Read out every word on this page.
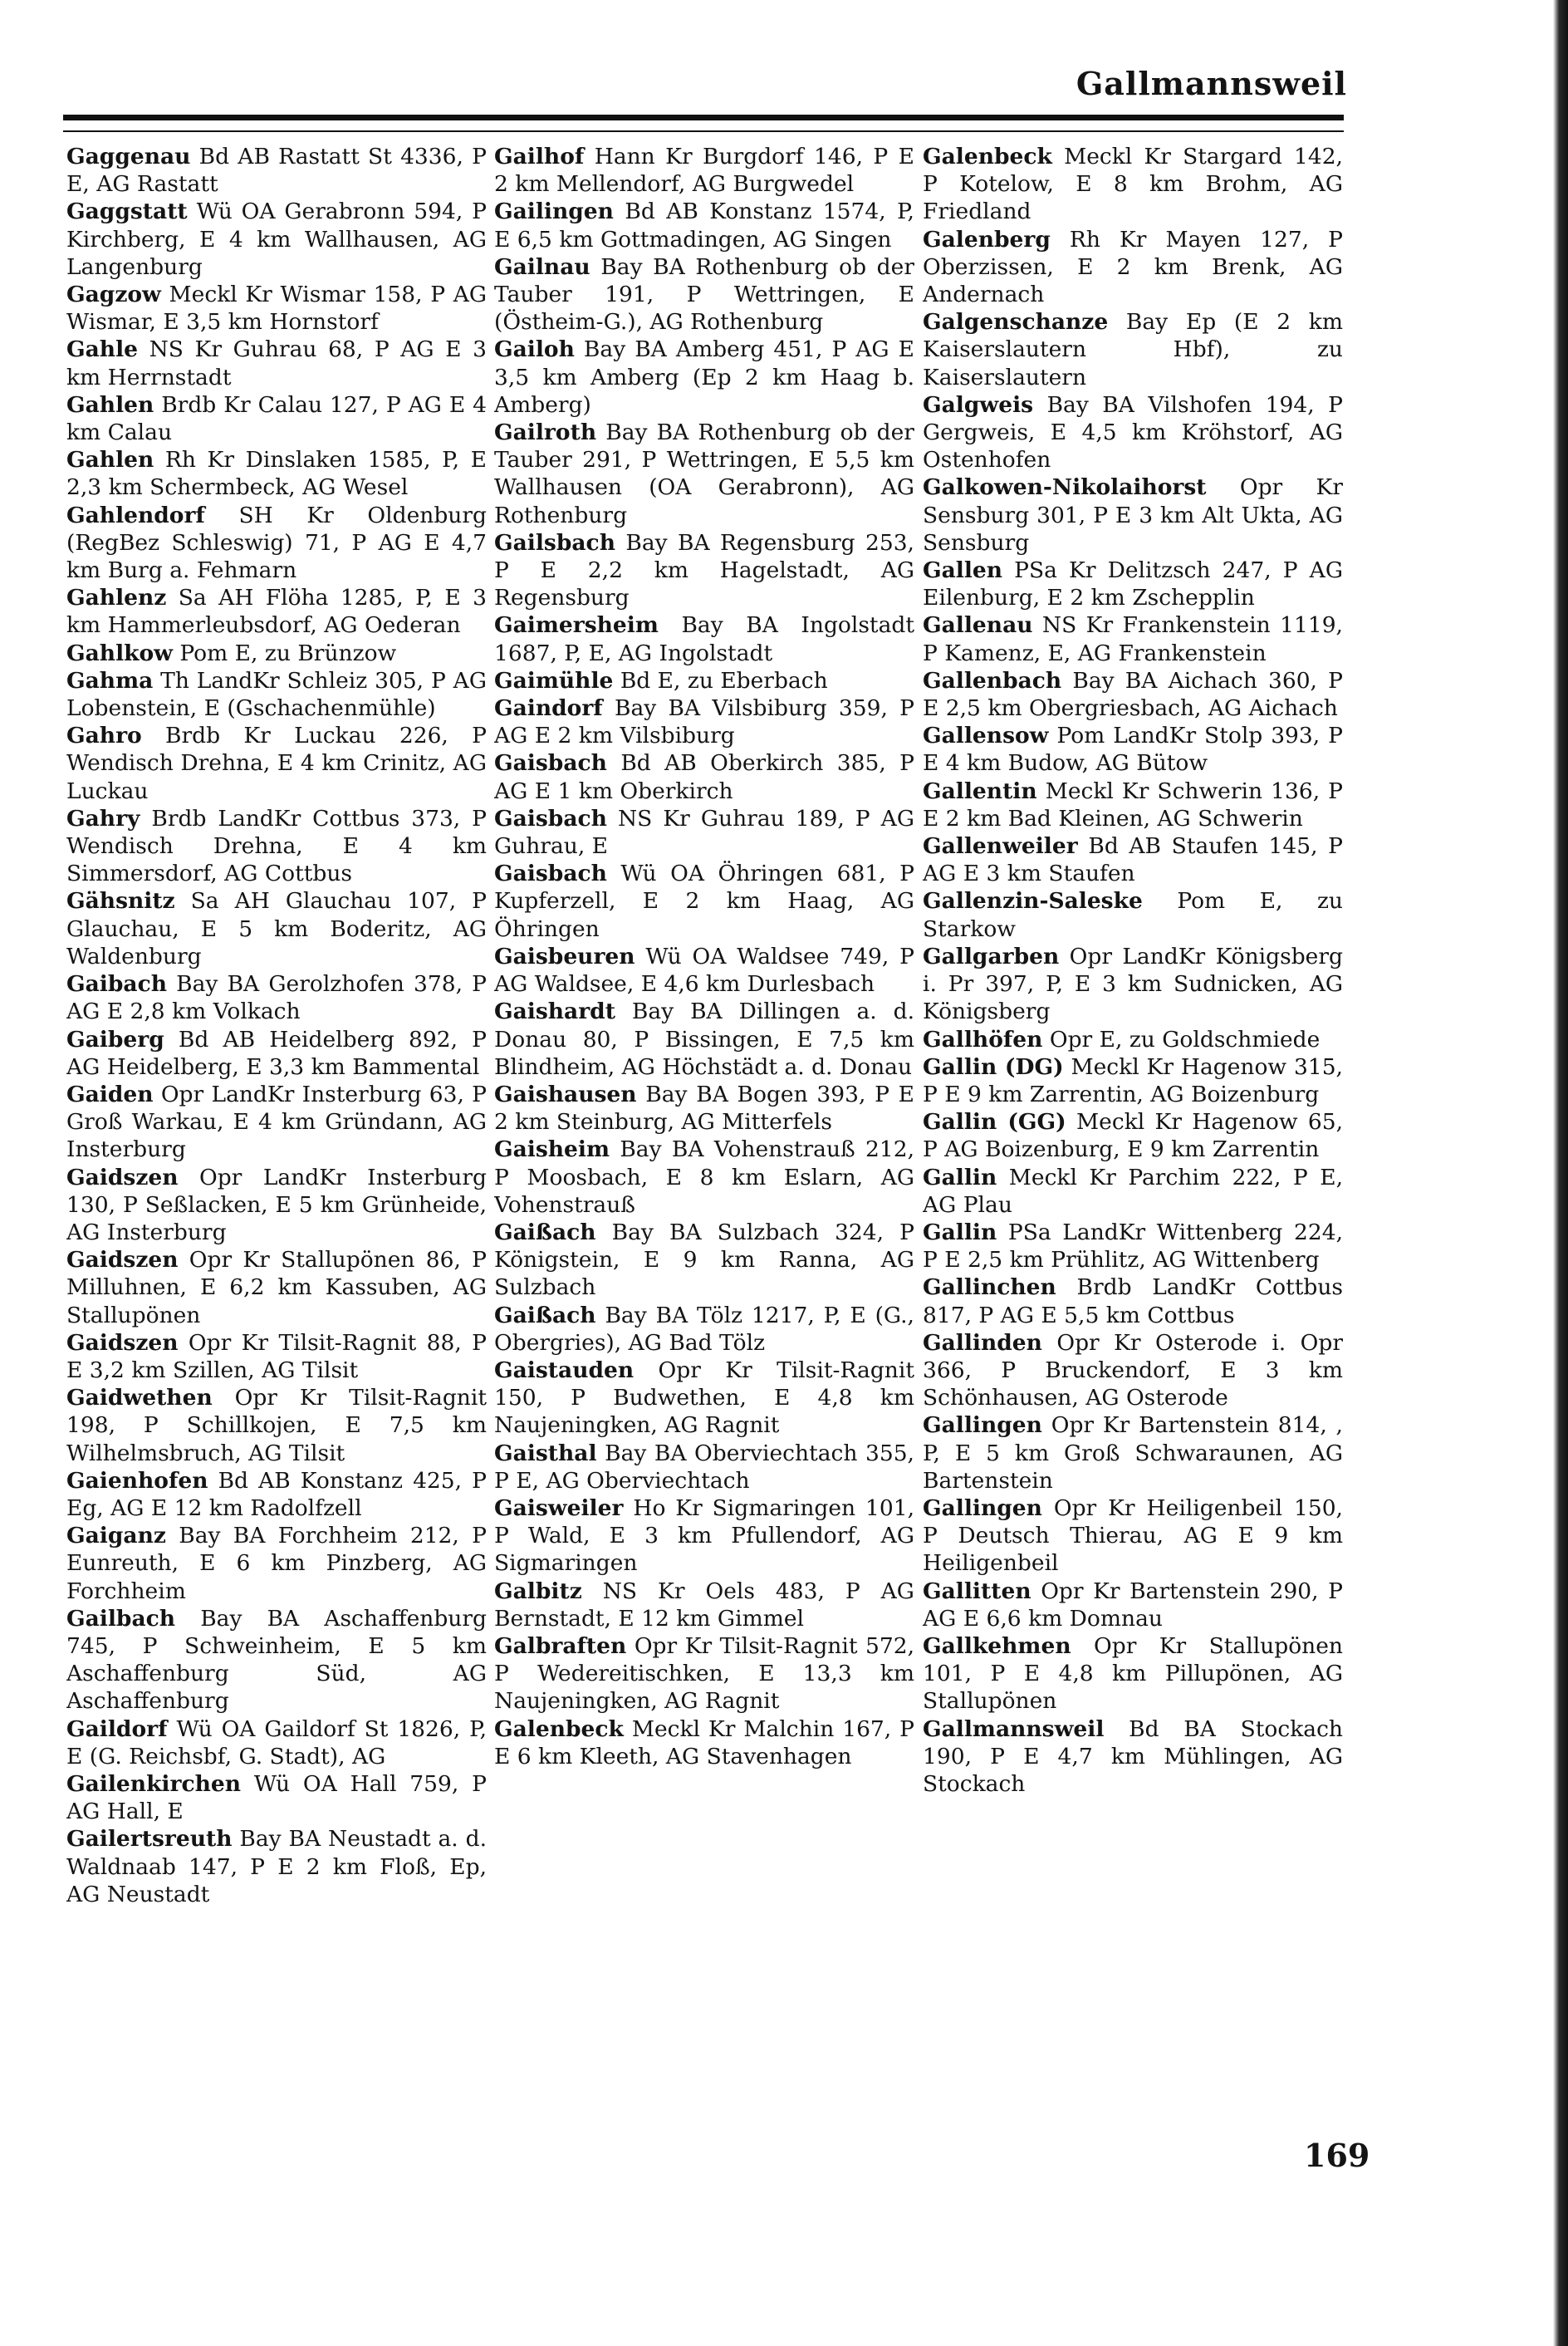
Gallmannsweil

Gaggenau Bd AB Rastatt St 4336, P E, AG Rastatt

Gaggstatt Wü OA Gerabronn 594, P Kirchberg, E 4 km Wallhausen, AG Langenburg

Gagzow Meckl Kr Wismar 158, P AG Wismar, E 3,5 km Hornstorf

Gahle NS Kr Guhrau 68, P AG E 3 km Herrnstadt

Gahlen Brdb Kr Calau 127, P AG E 4 km Calau

Gahlen Rh Kr Dinslaken 1585, P, E 2,3 km Schermbeck, AG Wesel

Gahlendorf SH Kr Oldenburg (RegBez Schleswig) 71, P AG E 4,7 km Burg a. Fehmarn

Gahlenz Sa AH Flöha 1285, P, E 3 km Hammerleubsdorf, AG Oederan

Gahlkow Pom E, zu Brünzow

Gahma Th LandKr Schleiz 305, P AG Lobenstein, E (Gschachenmühle)

Gahro Brdb Kr Luckau 226, P Wendisch Drehna, E 4 km Crinitz, AG Luckau

Gahry Brdb LandKr Cottbus 373, P Wendisch Drehna, E 4 km Simmersdorf, AG Cottbus

Gähsnitz Sa AH Glauchau 107, P Glauchau, E 5 km Boderitz, AG Waldenburg

Gaibach Bay BA Gerolzhofen 378, P AG E 2,8 km Volkach

Gaiberg Bd AB Heidelberg 892, P AG Heidelberg, E 3,3 km Bammental

Gaiden Opr LandKr Insterburg 63, P Groß Warkau, E 4 km Gründann, AG Insterburg

Gaidszen Opr LandKr Insterburg 130, P Seßlacken, E 5 km Grünheide, AG Insterburg

Gaidszen Opr Kr Stallupönen 86, P Milluhnen, E 6,2 km Kassuben, AG Stallupönen

Gaidszen Opr Kr Tilsit-Ragnit 88, P E 3,2 km Szillen, AG Tilsit

Gaidwethen Opr Kr Tilsit-Ragnit 198, P Schillkojen, E 7,5 km Wilhelmsbruch, AG Tilsit

Gaienhofen Bd AB Konstanz 425, P Eg, AG E 12 km Radolfzell

Gaiganz Bay BA Forchheim 212, P Eunreuth, E 6 km Pinzberg, AG Forchheim

Gailbach Bay BA Aschaffenburg 745, P Schweinheim, E 5 km Aschaffenburg Süd, AG Aschaffenburg

Gaildorf Wü OA Gaildorf St 1826, P, E (G. Reichsbf, G. Stadt), AG

Gailenkirchen Wü OA Hall 759, P AG Hall, E

Gailertsreuth Bay BA Neustadt a. d. Waldnaab 147, P E 2 km Floß, Ep, AG Neustadt

Gailhof Hann Kr Burgdorf 146, P E 2 km Mellendorf, AG Burgwedel

Gailingen Bd AB Konstanz 1574, P, E 6,5 km Gottmadingen, AG Singen

Gailnau Bay BA Rothenburg ob der Tauber 191, P Wettringen, E (Östheim-G.), AG Rothenburg

Gailoh Bay BA Amberg 451, P AG E 3,5 km Amberg (Ep 2 km Haag b. Amberg)

Gailroth Bay BA Rothenburg ob der Tauber 291, P Wettringen, E 5,5 km Wallhausen (OA Gerabronn), AG Rothenburg

Gailsbach Bay BA Regensburg 253, P E 2,2 km Hagelstadt, AG Regensburg

Gaimersheim Bay BA Ingolstadt 1687, P, E, AG Ingolstadt

Gaimühle Bd E, zu Eberbach

Gaindorf Bay BA Vilsbiburg 359, P AG E 2 km Vilsbiburg

Gaisbach Bd AB Oberkirch 385, P AG E 1 km Oberkirch

Gaisbach NS Kr Guhrau 189, P AG Guhrau, E

Gaisbach Wü OA Öhringen 681, P Kupferzell, E 2 km Haag, AG Öhringen

Gaisbeuren Wü OA Waldsee 749, P AG Waldsee, E 4,6 km Durlesbach

Gaishardt Bay BA Dillingen a. d. Donau 80, P Bissingen, E 7,5 km Blindheim, AG Höchstädt a. d. Donau

Gaishausen Bay BA Bogen 393, P E 2 km Steinburg, AG Mitterfels

Gaisheim Bay BA Vohenstrauß 212, P Moosbach, E 8 km Eslarn, AG Vohenstrauß

Gaißach Bay BA Sulzbach 324, P Königstein, E 9 km Ranna, AG Sulzbach

Gaißach Bay BA Tölz 1217, P, E (G., Obergries), AG Bad Tölz

Gaistauden Opr Kr Tilsit-Ragnit 150, P Budwethen, E 4,8 km Naujeningken, AG Ragnit

Gaisthal Bay BA Oberviechtach 355, P E, AG Oberviechtach

Gaisweiler Ho Kr Sigmaringen 101, P Wald, E 3 km Pfullendorf, AG Sigmaringen

Galbitz NS Kr Oels 483, P AG Bernstadt, E 12 km Gimmel

Galbraften Opr Kr Tilsit-Ragnit 572, P Wedereitischken, E 13,3 km Naujeningken, AG Ragnit

Galenbeck Meckl Kr Malchin 167, P E 6 km Kleeth, AG Stavenhagen

Galenbeck Meckl Kr Stargard 142, P Kotelow, E 8 km Brohm, AG Friedland

Galenberg Rh Kr Mayen 127, P Oberzissen, E 2 km Brenk, AG Andernach

Galgenschanze Bay Ep (E 2 km Kaiserslautern Hbf), zu Kaiserslautern

Galgweis Bay BA Vilshofen 194, P Gergweis, E 4,5 km Kröhstorf, AG Ostenhofen

Galkowen-Nikolaihorst Opr Kr Sensburg 301, P E 3 km Alt Ukta, AG Sensburg

Gallen PSa Kr Delitzsch 247, P AG Eilenburg, E 2 km Zschepplin

Gallenau NS Kr Frankenstein 1119, P Kamenz, E, AG Frankenstein

Gallenbach Bay BA Aichach 360, P E 2,5 km Obergriesbach, AG Aichach

Gallensow Pom LandKr Stolp 393, P E 4 km Budow, AG Bütow

Gallentin Meckl Kr Schwerin 136, P E 2 km Bad Kleinen, AG Schwerin

Gallenweiler Bd AB Staufen 145, P AG E 3 km Staufen

Gallenzin-Saleske Pom E, zu Starkow

Gallgarben Opr LandKr Königsberg i. Pr 397, P, E 3 km Sudnicken, AG Königsberg

Gallhöfen Opr E, zu Goldschmiede

Gallin (DG) Meckl Kr Hagenow 315, P E 9 km Zarrentin, AG Boizenburg

Gallin (GG) Meckl Kr Hagenow 65, P AG Boizenburg, E 9 km Zarrentin

Gallin Meckl Kr Parchim 222, P E, AG Plau

Gallin PSa LandKr Wittenberg 224, P E 2,5 km Prühlitz, AG Wittenberg

Gallinchen Brdb LandKr Cottbus 817, P AG E 5,5 km Cottbus

Gallinden Opr Kr Osterode i. Opr 366, P Bruckendorf, E 3 km Schönhausen, AG Osterode

Gallingen Opr Kr Bartenstein 814, , P, E 5 km Groß Schwaraunen, AG Bartenstein

Gallingen Opr Kr Heiligenbeil 150, P Deutsch Thierau, AG E 9 km Heiligenbeil

Gallitten Opr Kr Bartenstein 290, P AG E 6,6 km Domnau

Gallkehmen Opr Kr Stallupönen 101, P E 4,8 km Pillupönen, AG Stallupönen

Gallmannsweil Bd BA Stockach 190, P E 4,7 km Mühlingen, AG Stockach

169
